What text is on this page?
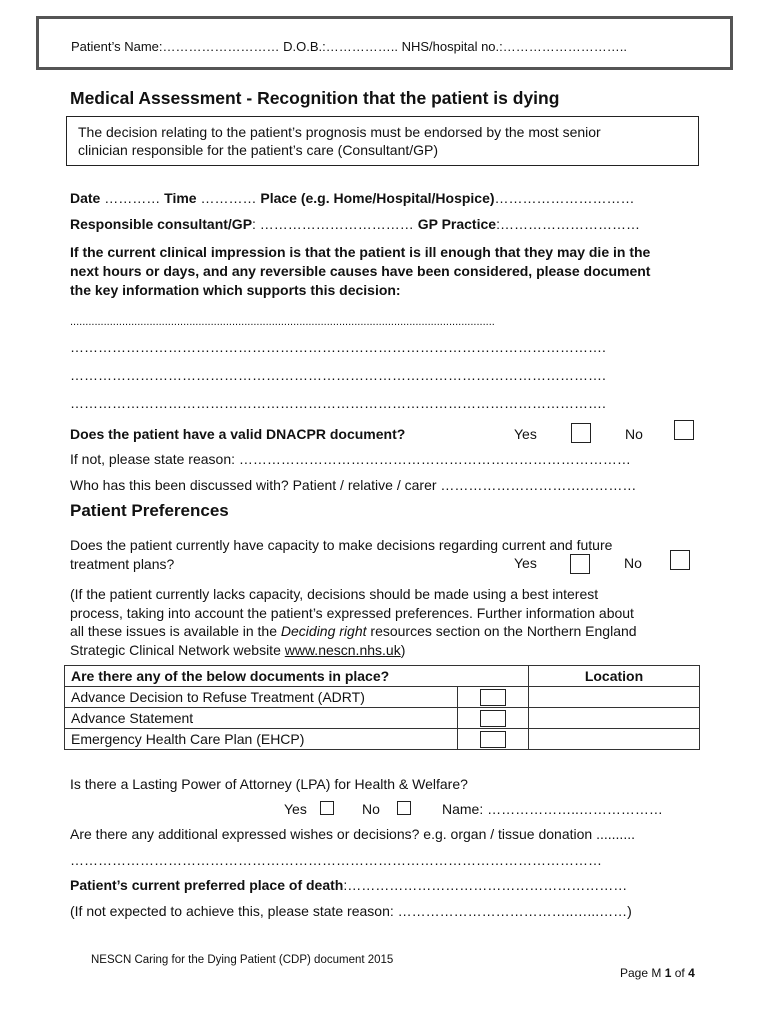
Patient’s Name:……………………… D.O.B.:…………….. NHS/hospital no.:………………………..
Medical Assessment - Recognition that the patient is dying
The decision relating to the patient’s prognosis must be endorsed by the most senior
clinician responsible for the patient’s care (Consultant/GP)
Date ………… Time ………… Place (e.g. Home/Hospital/Hospice)…………………………
Responsible consultant/GP: …………………………… GP Practice:…………………………
If the current clinical impression is that the patient is ill enough that they may die in the
next hours or days, and any reversible causes have been considered, please document
the key information which supports this decision:
...........................................................................................................................................
…………………………………………………………………………………………………….
…………………………………………………………………………………………………….
…………………………………………………………………………………………………….
Does the patient have a valid DNACPR document?	Yes	No
If not, please state reason: …………………………………………………………………………
Who has this been discussed with? Patient / relative / carer ……………………………………
Patient Preferences
Does the patient currently have capacity to make decisions regarding current and future
treatment plans?	Yes	No
(If the patient currently lacks capacity, decisions should be made using a best interest
process, taking into account the patient’s expressed preferences. Further information about
all these issues is available in the Deciding right resources section on the Northern England
Strategic Clinical Network website www.nescn.nhs.uk)
Are there any of the below documents in place?		Location
Advance Decision to Refuse Treatment (ADRT)		
Advance Statement		
Emergency Health Care Plan (EHCP)		
Is there a Lasting Power of Attorney (LPA) for Health & Welfare?
Yes	No	Name: ………………..………………
Are there any additional expressed wishes or decisions? e.g. organ / tissue donation ..........
……………………………………………………………………………………………………
Patient’s current preferred place of death:……………………………………………………
(If not expected to achieve this, please state reason: ………………………………..…...……)
NESCN Caring for the Dying Patient (CDP) document 2015
Page M 1 of 4
